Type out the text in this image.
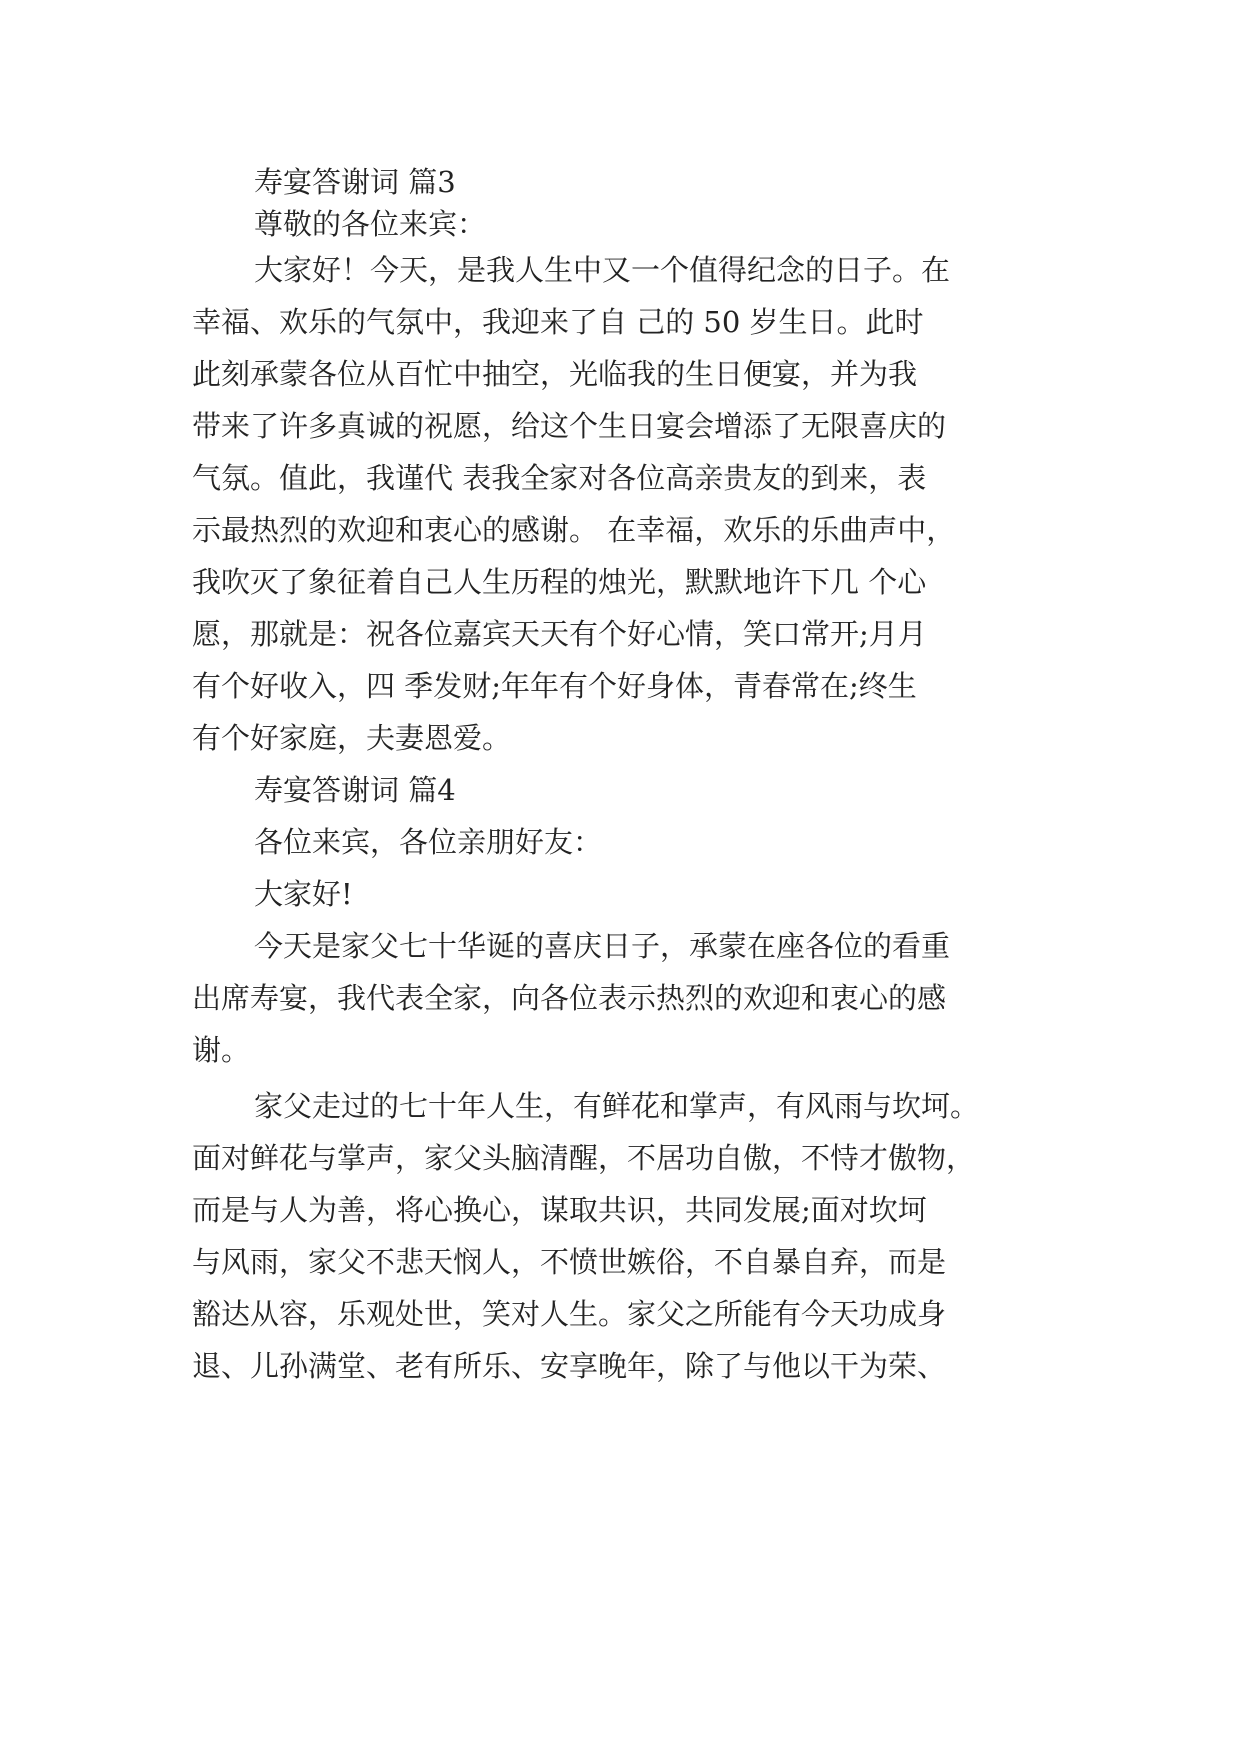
寿宴答谢词 篇3
尊敬的各位来宾：
大家好！今天，是我人生中又一个值得纪念的日子。在
幸福、欢乐的气氛中，我迎来了自 己的 50 岁生日。此时
此刻承蒙各位从百忙中抽空，光临我的生日便宴，并为我
带来了许多真诚的祝愿，给这个生日宴会增添了无限喜庆的
气氛。值此，我谨代 表我全家对各位高亲贵友的到来，表
示最热烈的欢迎和衷心的感谢。 在幸福，欢乐的乐曲声中，
我吹灭了象征着自己人生历程的烛光，默默地许下几 个心
愿，那就是：祝各位嘉宾天天有个好心情，笑口常开;月月
有个好收入，四 季发财;年年有个好身体，青春常在;终生
有个好家庭，夫妻恩爱。
寿宴答谢词 篇4
各位来宾，各位亲朋好友：
大家好!
今天是家父七十华诞的喜庆日子，承蒙在座各位的看重
出席寿宴，我代表全家，向各位表示热烈的欢迎和衷心的感
谢。
家父走过的七十年人生，有鲜花和掌声，有风雨与坎坷。
面对鲜花与掌声，家父头脑清醒，不居功自傲，不恃才傲物，
而是与人为善，将心换心，谋取共识，共同发展;面对坎坷
与风雨，家父不悲天悯人，不愤世嫉俗，不自暴自弃，而是
豁达从容，乐观处世，笑对人生。家父之所能有今天功成身
退、儿孙满堂、老有所乐、安享晚年，除了与他以干为荣、
